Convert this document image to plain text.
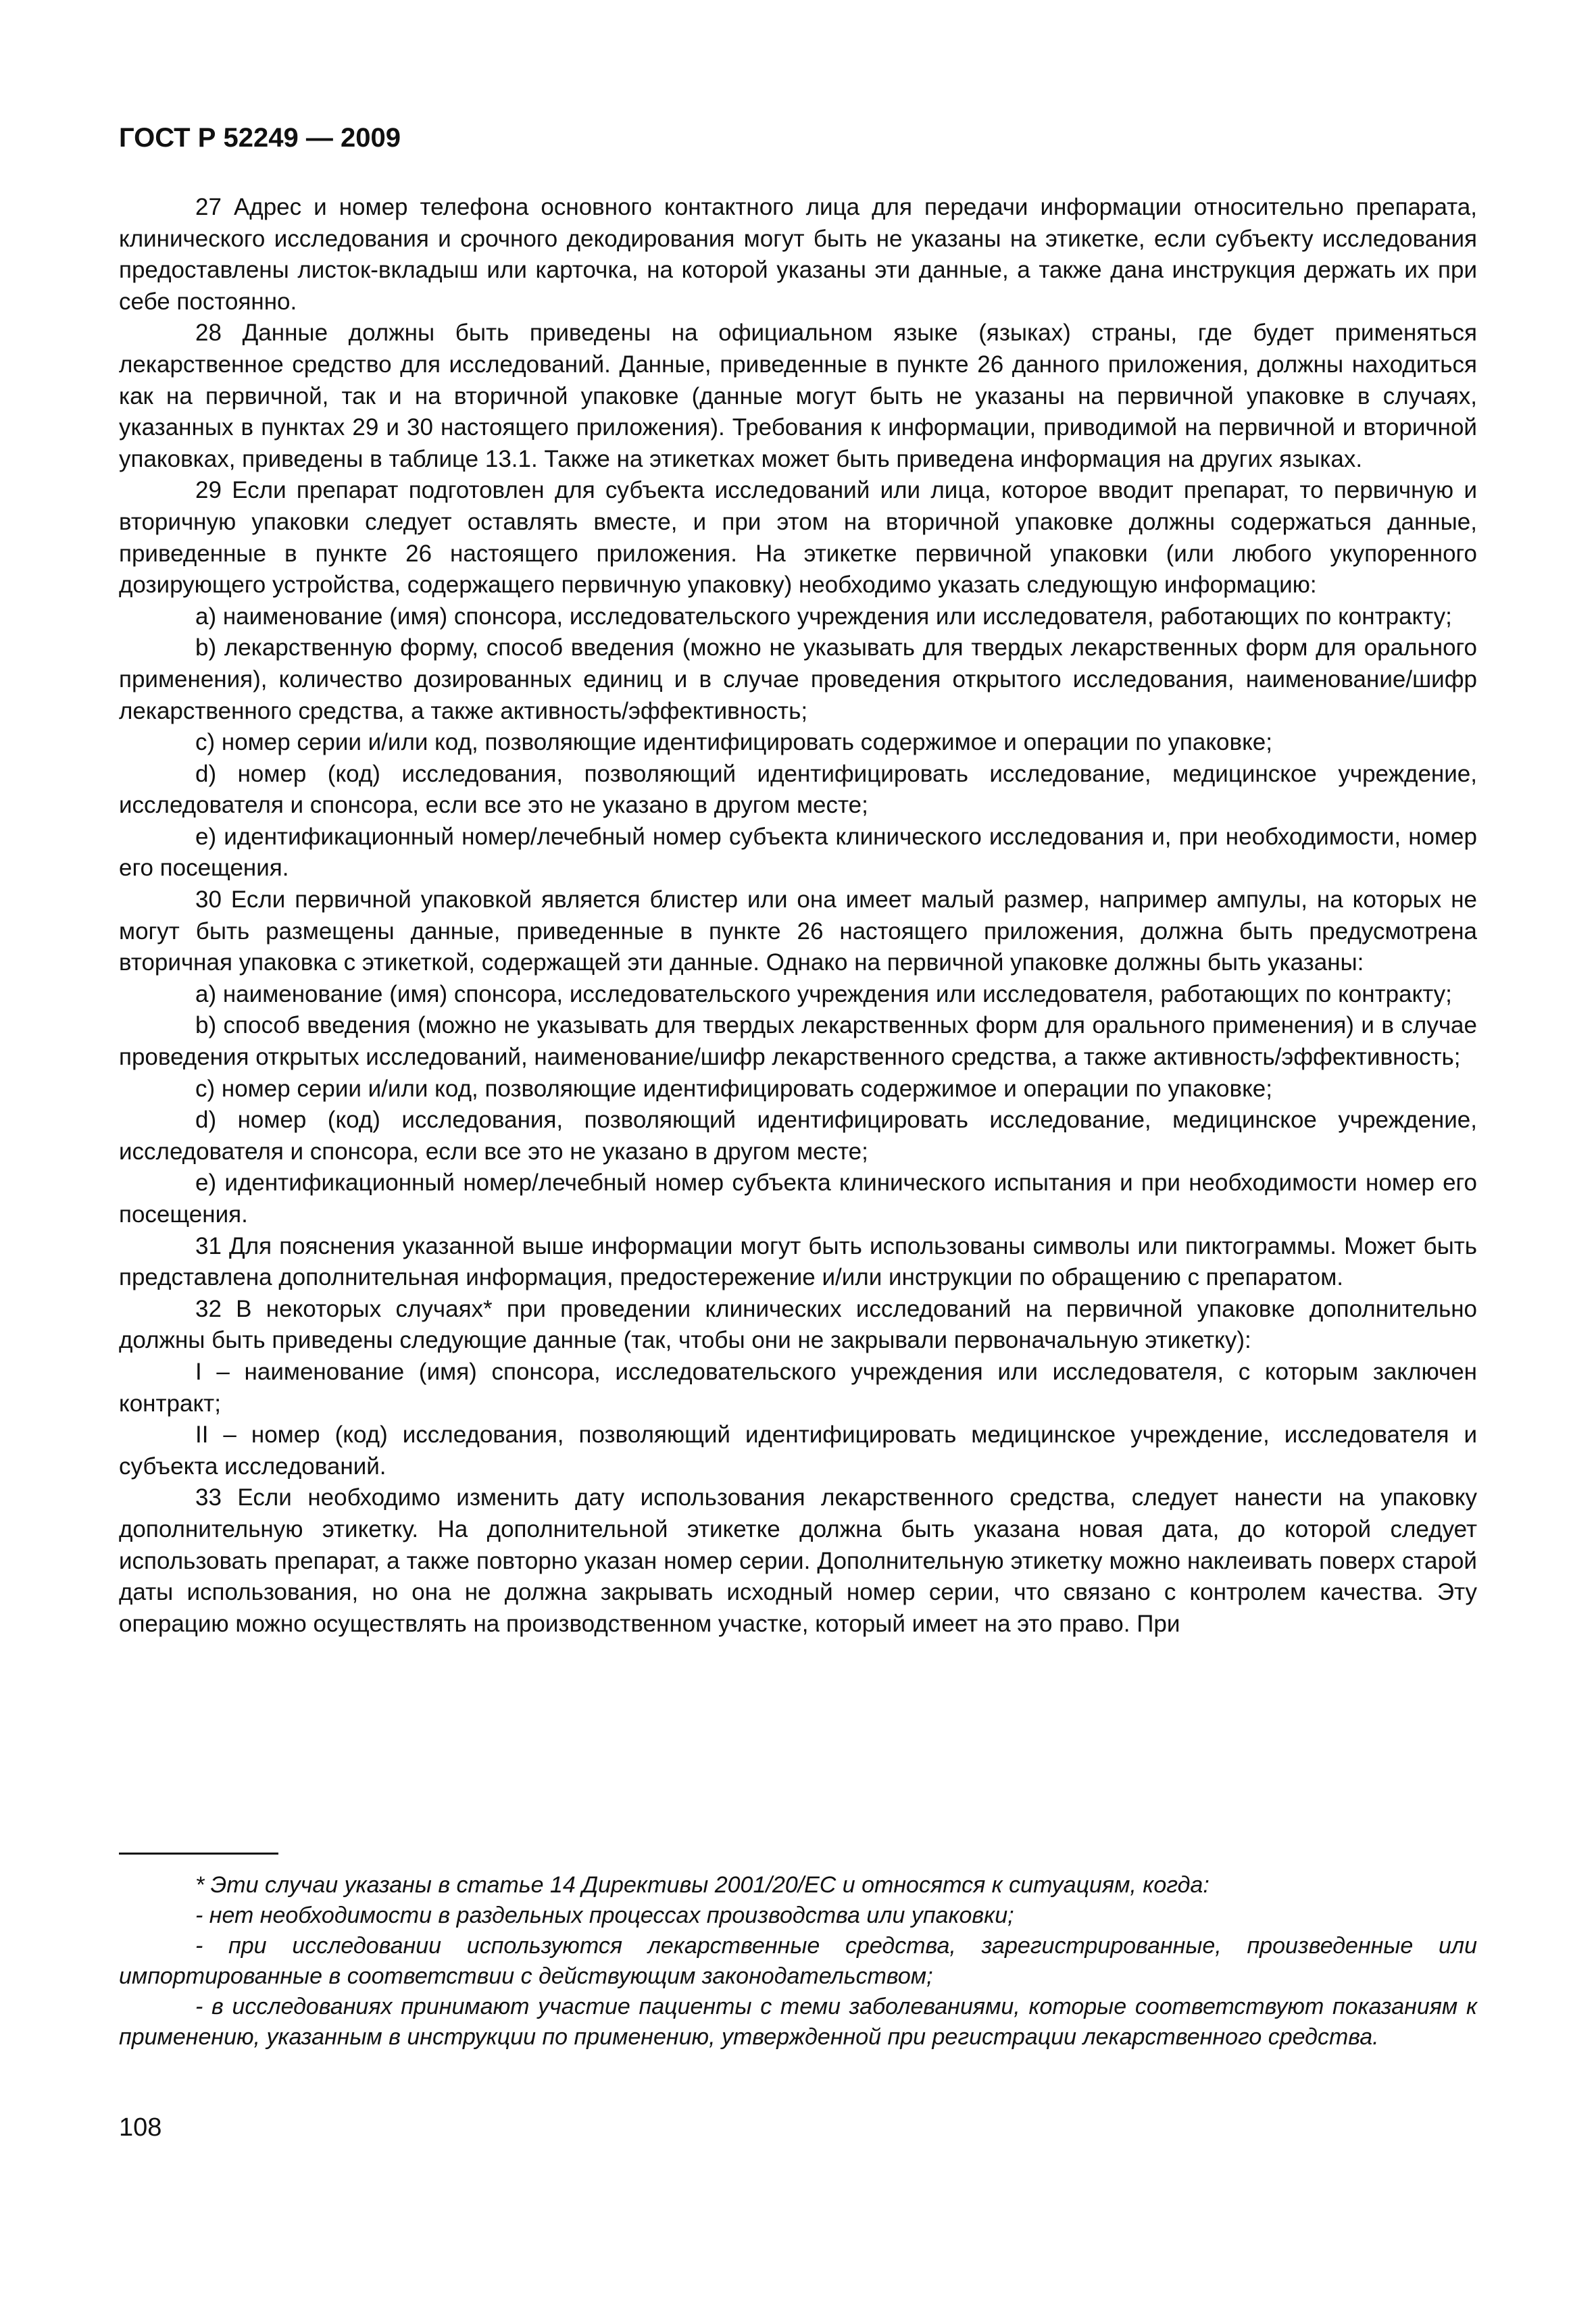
ГОСТ Р 52249 — 2009

27 Адрес и номер телефона основного контактного лица для передачи информации относительно препарата, клинического исследования и срочного декодирования могут быть не указаны на этикетке, если субъекту исследования предоставлены листок-вкладыш или карточка, на которой указаны эти данные, а также дана инструкция держать их при себе постоянно.

28 Данные должны быть приведены на официальном языке (языках) страны, где будет применяться лекарственное средство для исследований. Данные, приведенные в пункте 26 данного приложения, должны находиться как на первичной, так и на вторичной упаковке (данные могут быть не указаны на первичной упаковке в случаях, указанных в пунктах 29 и 30 настоящего приложения). Требования к информации, приводимой на первичной и вторичной упаковках, приведены в таблице 13.1. Также на этикетках может быть приведена информация на других языках.

29 Если препарат подготовлен для субъекта исследований или лица, которое вводит препарат, то первичную и вторичную упаковки следует оставлять вместе, и при этом на вторичной упаковке должны содержаться данные, приведенные в пункте 26 настоящего приложения. На этикетке первичной упаковки (или любого укупоренного дозирующего устройства, содержащего первичную упаковку) необходимо указать следующую информацию:

a) наименование (имя) спонсора, исследовательского учреждения или исследователя, работающих по контракту;

b) лекарственную форму, способ введения (можно не указывать для твердых лекарственных форм для орального применения), количество дозированных единиц и в случае проведения открытого исследования, наименование/шифр лекарственного средства, а также активность/эффективность;

c) номер серии и/или код, позволяющие идентифицировать содержимое и операции по упаковке;

d) номер (код) исследования, позволяющий идентифицировать исследование, медицинское учреждение, исследователя и спонсора, если все это не указано в другом месте;

e) идентификационный номер/лечебный номер субъекта клинического исследования и, при необходимости, номер его посещения.

30 Если первичной упаковкой является блистер или она имеет малый размер, например ампулы, на которых не могут быть размещены данные, приведенные в пункте 26 настоящего приложения, должна быть предусмотрена вторичная упаковка с этикеткой, содержащей эти данные. Однако на первичной упаковке должны быть указаны:

a) наименование (имя) спонсора, исследовательского учреждения или исследователя, работающих по контракту;

b) способ введения (можно не указывать для твердых лекарственных форм для орального применения) и в случае проведения открытых исследований, наименование/шифр лекарственного средства, а также активность/эффективность;

c) номер серии и/или код, позволяющие идентифицировать содержимое и операции по упаковке;

d) номер (код) исследования, позволяющий идентифицировать исследование, медицинское учреждение, исследователя и спонсора, если все это не указано в другом месте;

e) идентификационный номер/лечебный номер субъекта клинического испытания и при необходимости номер его посещения.

31 Для пояснения указанной выше информации могут быть использованы символы или пиктограммы. Может быть представлена дополнительная информация, предостережение и/или инструкции по обращению с препаратом.

32 В некоторых случаях* при проведении клинических исследований на первичной упаковке дополнительно должны быть приведены следующие данные (так, чтобы они не закрывали первоначальную этикетку):

I – наименование (имя) спонсора, исследовательского учреждения или исследователя, с которым заключен контракт;

II – номер (код) исследования, позволяющий идентифицировать медицинское учреждение, исследователя и субъекта исследований.

33 Если необходимо изменить дату использования лекарственного средства, следует нанести на упаковку дополнительную этикетку. На дополнительной этикетке должна быть указана новая дата, до которой следует использовать препарат, а также повторно указан номер серии. Дополнительную этикетку можно наклеивать поверх старой даты использования, но она не должна закрывать исходный номер серии, что связано с контролем качества. Эту операцию можно осуществлять на производственном участке, который имеет на это право. При

* Эти случаи указаны в статье 14 Директивы 2001/20/ЕС и относятся к ситуациям, когда:

- нет необходимости в раздельных процессах производства или упаковки;

- при исследовании используются лекарственные средства, зарегистрированные, произведенные или импортированные в соответствии с действующим законодательством;

- в исследованиях принимают участие пациенты с теми заболеваниями, которые соответствуют показаниям к применению, указанным в инструкции по применению, утвержденной при регистрации лекарственного средства.

108
